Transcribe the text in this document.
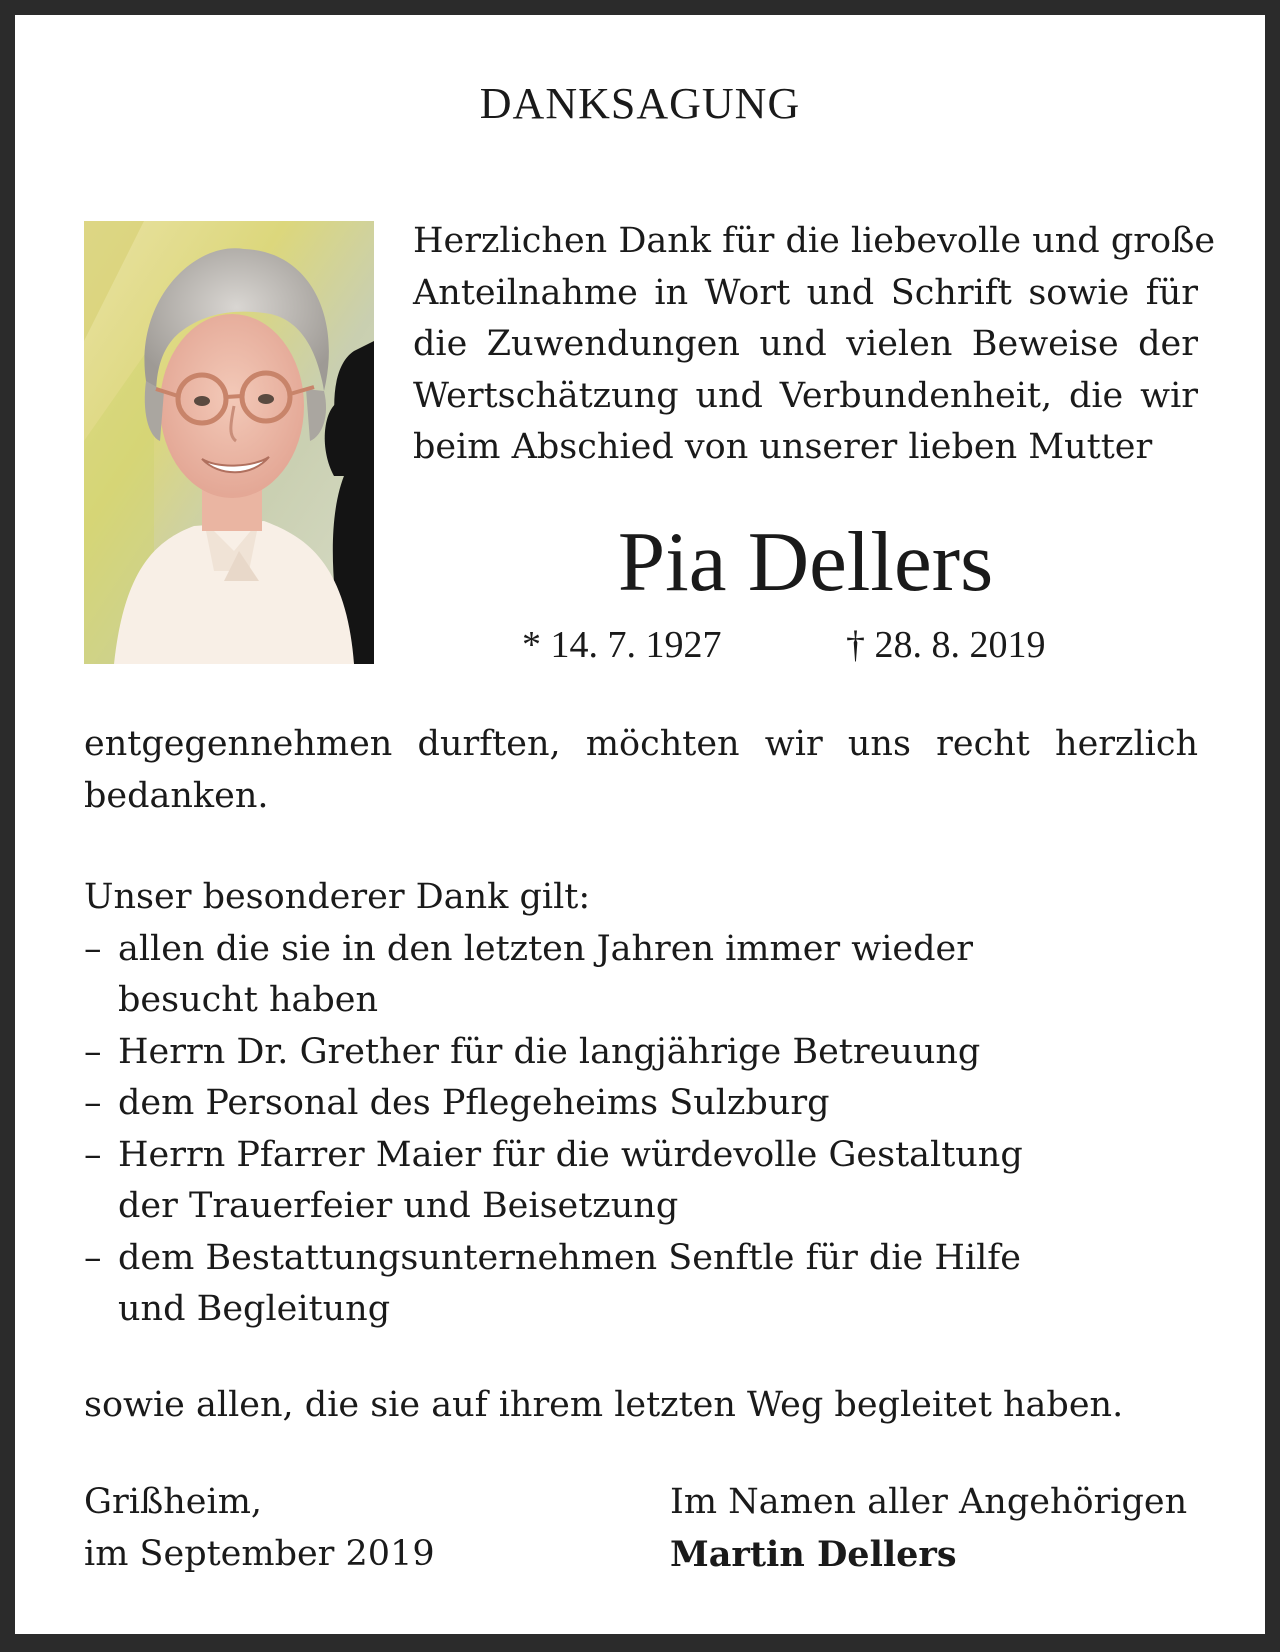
DANKSAGUNG
Herzlichen Dank für die liebevolle und große
Anteilnahme in Wort und Schrift sowie für
die Zuwendungen und vielen Beweise der
Wertschätzung und Verbundenheit, die wir
beim Abschied von unserer lieben Mutter
Pia Dellers
* 14. 7. 1927	† 28. 8. 2019
entgegennehmen durften, möchten wir uns recht herzlich
bedanken.
Unser besonderer Dank gilt:
– allen die sie in den letzten Jahren immer wieder
besucht haben
– Herrn Dr. Grether für die langjährige Betreuung
– dem Personal des Pflegeheims Sulzburg
– Herrn Pfarrer Maier für die würdevolle Gestaltung
der Trauerfeier und Beisetzung
– dem Bestattungsunternehmen Senftle für die Hilfe
und Begleitung
sowie allen, die sie auf ihrem letzten Weg begleitet haben.
Grißheim,
im September 2019
Im Namen aller Angehörigen
Martin Dellers
